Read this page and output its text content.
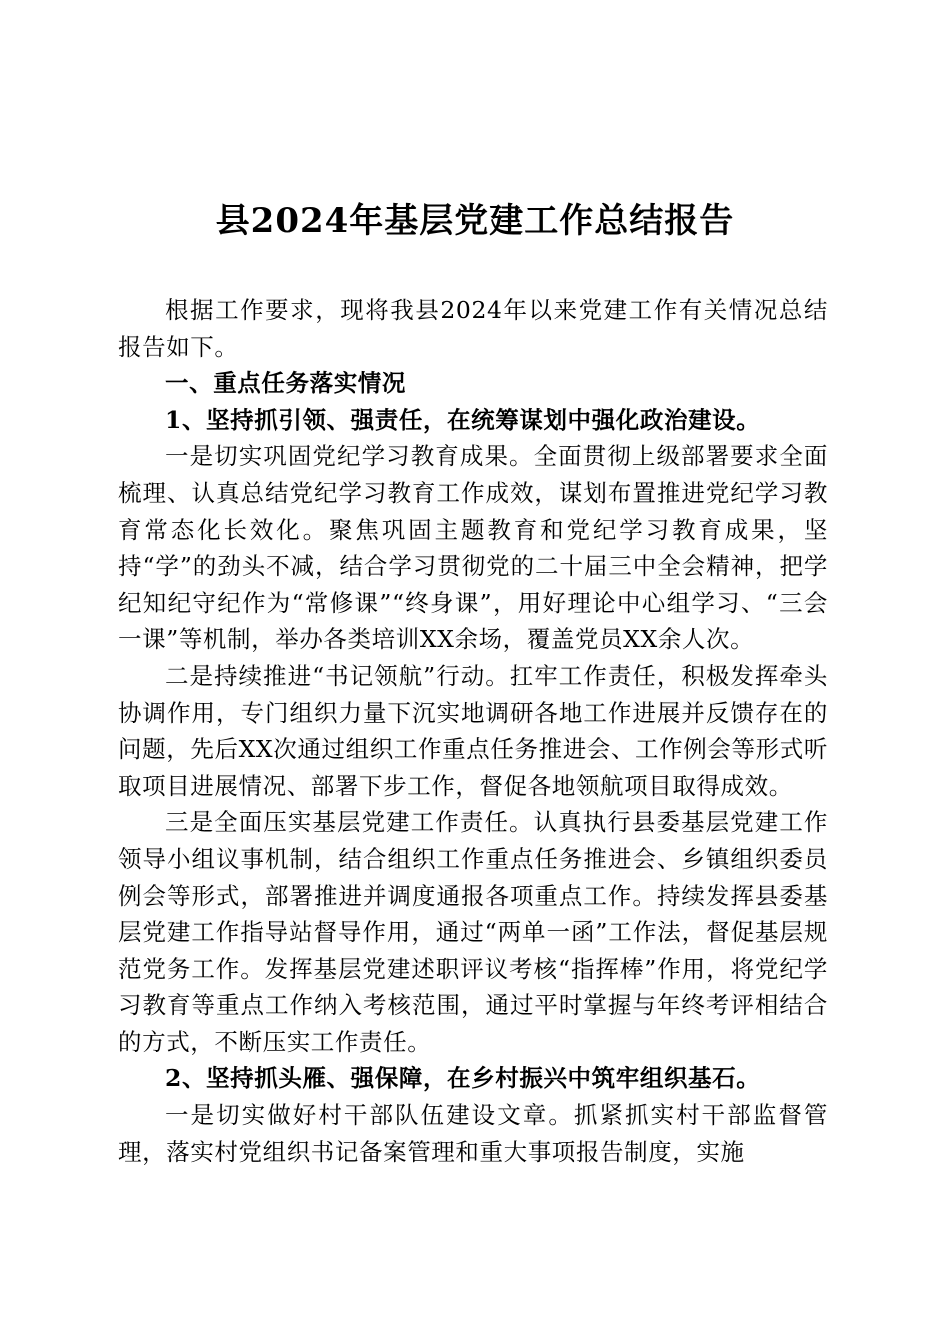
县2024年基层党建工作总结报告

根据工作要求，现将我县2024年以来党建工作有关情况总结报告如下。

一、重点任务落实情况

1、坚持抓引领、强责任，在统筹谋划中强化政治建设。

一是切实巩固党纪学习教育成果。全面贯彻上级部署要求全面梳理、认真总结党纪学习教育工作成效，谋划布置推进党纪学习教育常态化长效化。聚焦巩固主题教育和党纪学习教育成果，坚持“学”的劲头不减，结合学习贯彻党的二十届三中全会精神，把学纪知纪守纪作为“常修课”“终身课”，用好理论中心组学习、“三会一课”等机制，举办各类培训XX余场，覆盖党员XX余人次。

二是持续推进“书记领航”行动。扛牢工作责任，积极发挥牵头协调作用，专门组织力量下沉实地调研各地工作进展并反馈存在的问题，先后XX次通过组织工作重点任务推进会、工作例会等形式听取项目进展情况、部署下步工作，督促各地领航项目取得成效。

三是全面压实基层党建工作责任。认真执行县委基层党建工作领导小组议事机制，结合组织工作重点任务推进会、乡镇组织委员例会等形式，部署推进并调度通报各项重点工作。持续发挥县委基层党建工作指导站督导作用，通过“两单一函”工作法，督促基层规范党务工作。发挥基层党建述职评议考核“指挥棒”作用，将党纪学习教育等重点工作纳入考核范围，通过平时掌握与年终考评相结合的方式，不断压实工作责任。

2、坚持抓头雁、强保障，在乡村振兴中筑牢组织基石。

一是切实做好村干部队伍建设文章。抓紧抓实村干部监督管理，落实村党组织书记备案管理和重大事项报告制度，实施
